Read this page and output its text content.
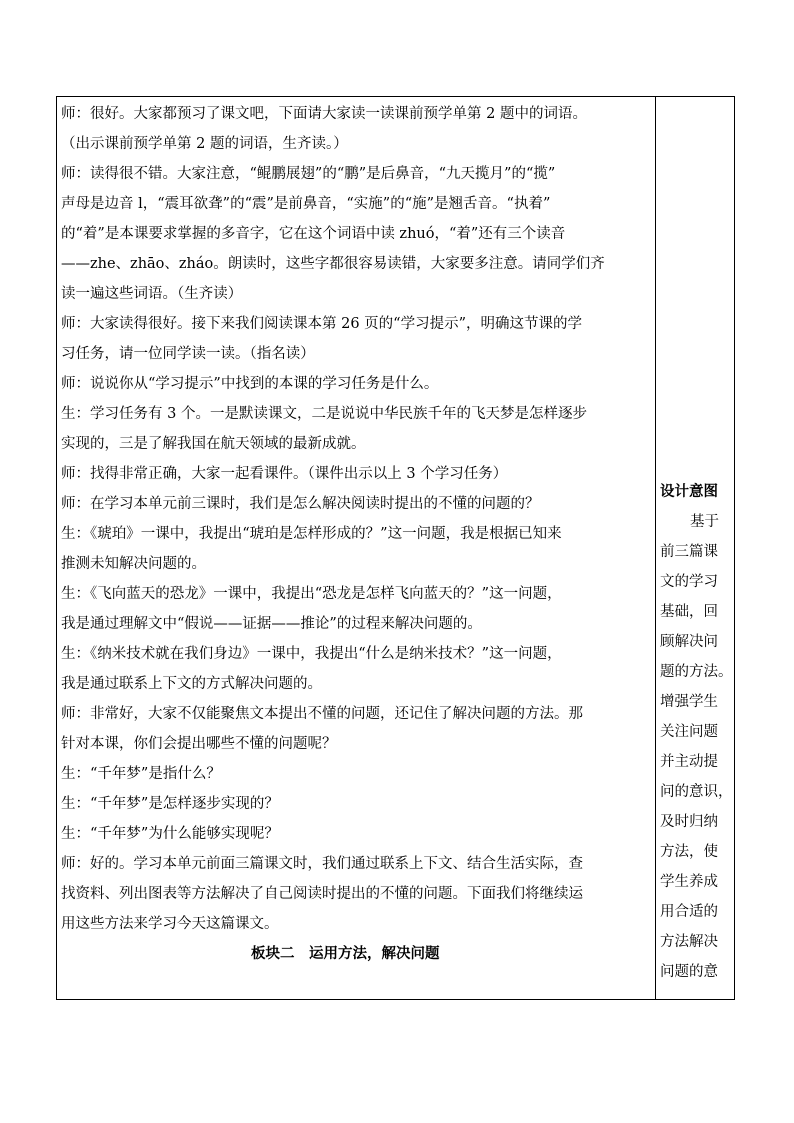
师：很好。大家都预习了课文吧，下面请大家读一读课前预学单第 2 题中的词语。
（出示课前预学单第 2 题的词语，生齐读。）
师：读得很不错。大家注意，“鲲鹏展翅”的“鹏”是后鼻音，“九天揽月”的“揽”
声母是边音 l，“震耳欲聋”的“震”是前鼻音，“实施”的“施”是翘舌音。“执着”
的“着”是本课要求掌握的多音字，它在这个词语中读 zhuó，“着”还有三个读音
——zhe、zhāo、zháo。朗读时，这些字都很容易读错，大家要多注意。请同学们齐
读一遍这些词语。（生齐读）
师：大家读得很好。接下来我们阅读课本第 26 页的“学习提示”，明确这节课的学
习任务，请一位同学读一读。（指名读）
师：说说你从“学习提示”中找到的本课的学习任务是什么。
生：学习任务有 3 个。一是默读课文，二是说说中华民族千年的飞天梦是怎样逐步
实现的，三是了解我国在航天领域的最新成就。
师：找得非常正确，大家一起看课件。（课件出示以上 3 个学习任务）
师：在学习本单元前三课时，我们是怎么解决阅读时提出的不懂的问题的？
生：《琥珀》一课中，我提出“琥珀是怎样形成的？”这一问题，我是根据已知来
推测未知解决问题的。
生：《飞向蓝天的恐龙》一课中，我提出“恐龙是怎样飞向蓝天的？”这一问题，
我是通过理解文中“假说——证据——推论”的过程来解决问题的。
生：《纳米技术就在我们身边》一课中，我提出“什么是纳米技术？”这一问题，
我是通过联系上下文的方式解决问题的。
师：非常好，大家不仅能聚焦文本提出不懂的问题，还记住了解决问题的方法。那
针对本课，你们会提出哪些不懂的问题呢？
生：“千年梦”是指什么？
生：“千年梦”是怎样逐步实现的？
生：“千年梦”为什么能够实现呢？
师：好的。学习本单元前面三篇课文时，我们通过联系上下文、结合生活实际，查
找资料、列出图表等方法解决了自己阅读时提出的不懂的问题。下面我们将继续运
用这些方法来学习今天这篇课文。
板块二　运用方法，解决问题
设计意图
基于
前三篇课
文的学习
基础，回
顾解决问
题的方法。
增强学生
关注问题
并主动提
问的意识，
及时归纳
方法，使
学生养成
用合适的
方法解决
问题的意
